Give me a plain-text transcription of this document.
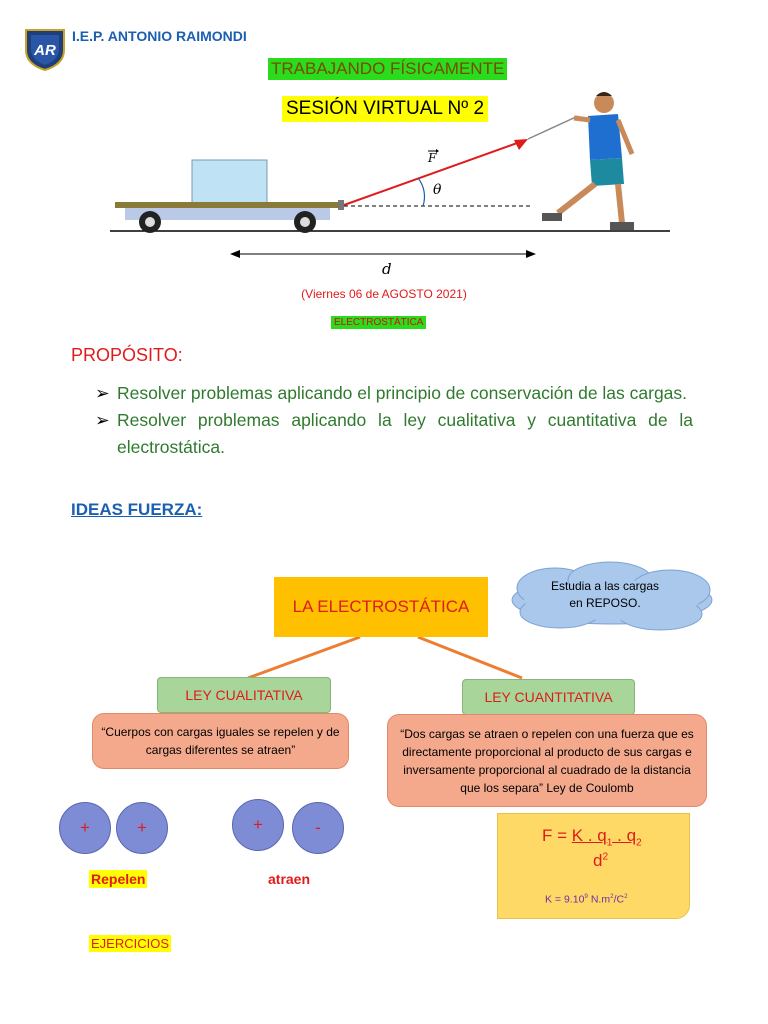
AR
I.E.P. ANTONIO RAIMONDI
TRABAJANDO FÍSICAMENTE
SESIÓN VIRTUAL Nº 2
F
θ
d
(Viernes 06 de AGOSTO 2021)
ELECTROSTÁTICA
PROPÓSITO:
➢ Resolver problemas aplicando el principio de conservación de las cargas.
➢ Resolver problemas aplicando la ley cualitativa y cuantitativa de la electrostática.
IDEAS FUERZA:
LA ELECTROSTÁTICA
Estudia a las cargas
en REPOSO.
LEY CUALITATIVA	LEY CUANTITATIVA
“Cuerpos con cargas iguales se repelen y de cargas diferentes se atraen”
“Dos cargas se atraen o repelen con una fuerza que es directamente proporcional al producto de sus cargas e inversamente proporcional al cuadrado de la distancia que los separa” Ley de Coulomb
+	+	+	-
Repelen	atraen
EJERCICIOS
F = K . $q_1$ . $q_2$
$d^2$
$K = 9.10^9$ $N.m^2/C^2$
